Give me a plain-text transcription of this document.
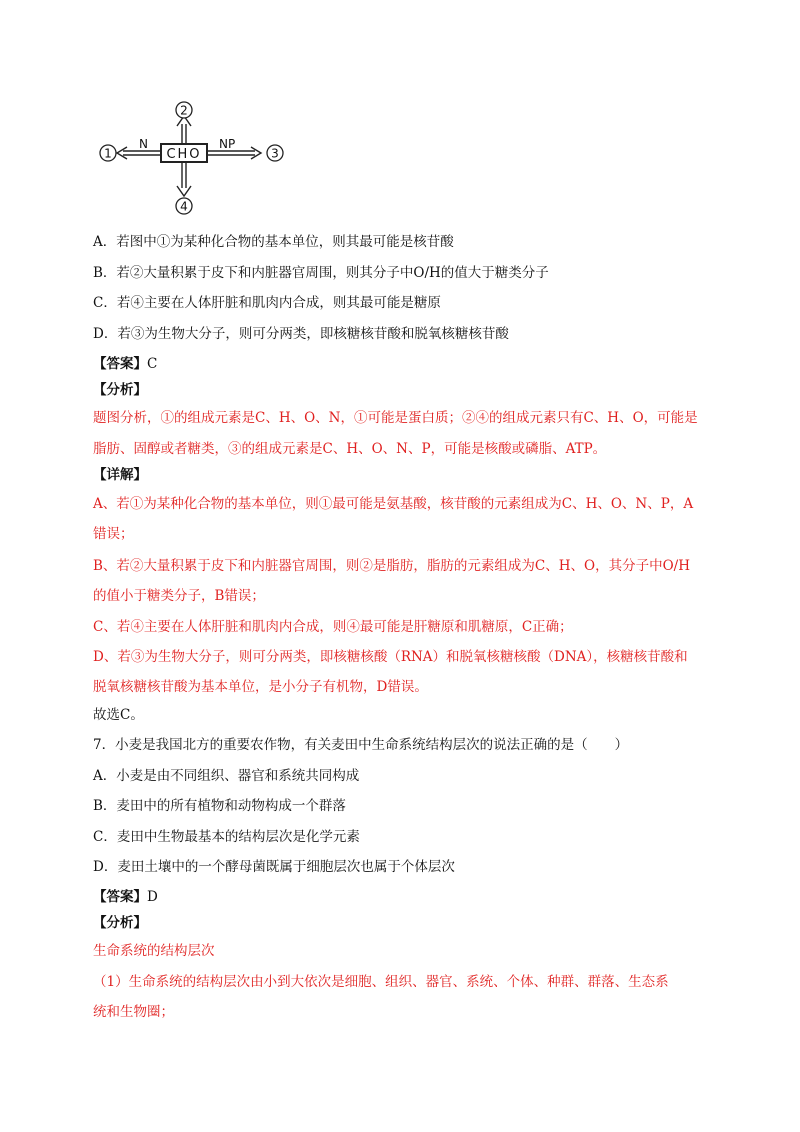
2
CHO
N
1
NP
3
4
A．若图中①为某种化合物的基本单位，则其最可能是核苷酸
B．若②大量积累于皮下和内脏器官周围，则其分子中O/H的值大于糖类分子
C．若④主要在人体肝脏和肌肉内合成，则其最可能是糖原
D．若③为生物大分子，则可分两类，即核糖核苷酸和脱氧核糖核苷酸
【答案】C
【分析】
题图分析，①的组成元素是C、H、O、N，①可能是蛋白质；②④的组成元素只有C、H、O，可能是
脂肪、固醇或者糖类，③的组成元素是C、H、O、N、P，可能是核酸或磷脂、ATP。
【详解】
A、若①为某种化合物的基本单位，则①最可能是氨基酸，核苷酸的元素组成为C、H、O、N、P，A
错误；
B、若②大量积累于皮下和内脏器官周围，则②是脂肪，脂肪的元素组成为C、H、O，其分子中O/H
的值小于糖类分子，B错误；
C、若④主要在人体肝脏和肌肉内合成，则④最可能是肝糖原和肌糖原，C正确；
D、若③为生物大分子，则可分两类，即核糖核酸（RNA）和脱氧核糖核酸（DNA），核糖核苷酸和
脱氧核糖核苷酸为基本单位，是小分子有机物，D错误。
故选C。
7．小麦是我国北方的重要农作物，有关麦田中生命系统结构层次的说法正确的是（　　）
A．小麦是由不同组织、器官和系统共同构成
B．麦田中的所有植物和动物构成一个群落
C．麦田中生物最基本的结构层次是化学元素
D．麦田土壤中的一个酵母菌既属于细胞层次也属于个体层次
【答案】D
【分析】
生命系统的结构层次
（1）生命系统的结构层次由小到大依次是细胞、组织、器官、系统、个体、种群、群落、生态系
统和生物圈；
